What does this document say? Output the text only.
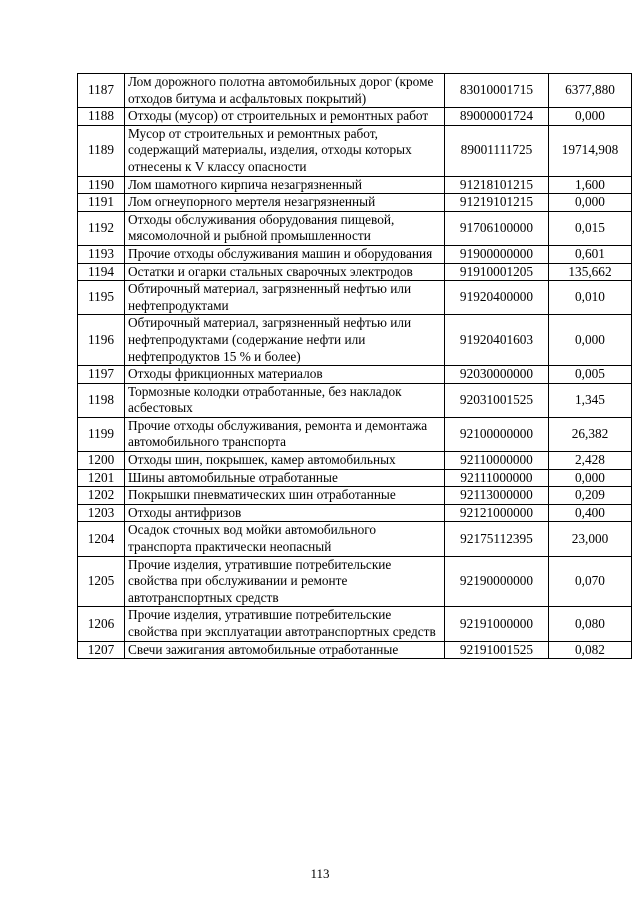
1187	Лом дорожного полотна автомобильных дорог (кроме отходов битума и асфальтовых покрытий)	83010001715	6377,880
1188	Отходы (мусор) от строительных и ремонтных работ	89000001724	0,000
1189	Мусор от строительных и ремонтных работ, содержащий материалы, изделия, отходы которых отнесены к V классу опасности	89001111725	19714,908
1190	Лом шамотного кирпича незагрязненный	91218101215	1,600
1191	Лом огнеупорного мертеля незагрязненный	91219101215	0,000
1192	Отходы обслуживания оборудования пищевой, мясомолочной и рыбной промышленности	91706100000	0,015
1193	Прочие отходы обслуживания машин и оборудования	91900000000	0,601
1194	Остатки и огарки стальных сварочных электродов	91910001205	135,662
1195	Обтирочный материал, загрязненный нефтью или нефтепродуктами	91920400000	0,010
1196	Обтирочный материал, загрязненный нефтью или нефтепродуктами (содержание нефти или нефтепродуктов 15 % и более)	91920401603	0,000
1197	Отходы фрикционных материалов	92030000000	0,005
1198	Тормозные колодки отработанные, без накладок асбестовых	92031001525	1,345
1199	Прочие отходы обслуживания, ремонта и демонтажа автомобильного транспорта	92100000000	26,382
1200	Отходы шин, покрышек, камер автомобильных	92110000000	2,428
1201	Шины автомобильные отработанные	92111000000	0,000
1202	Покрышки пневматических шин отработанные	92113000000	0,209
1203	Отходы антифризов	92121000000	0,400
1204	Осадок сточных вод мойки автомобильного транспорта практически неопасный	92175112395	23,000
1205	Прочие изделия, утратившие потребительские свойства при обслуживании и ремонте автотранспортных средств	92190000000	0,070
1206	Прочие изделия, утратившие потребительские свойства при эксплуатации автотранспортных средств	92191000000	0,080
1207	Свечи зажигания автомобильные отработанные	92191001525	0,082
113
